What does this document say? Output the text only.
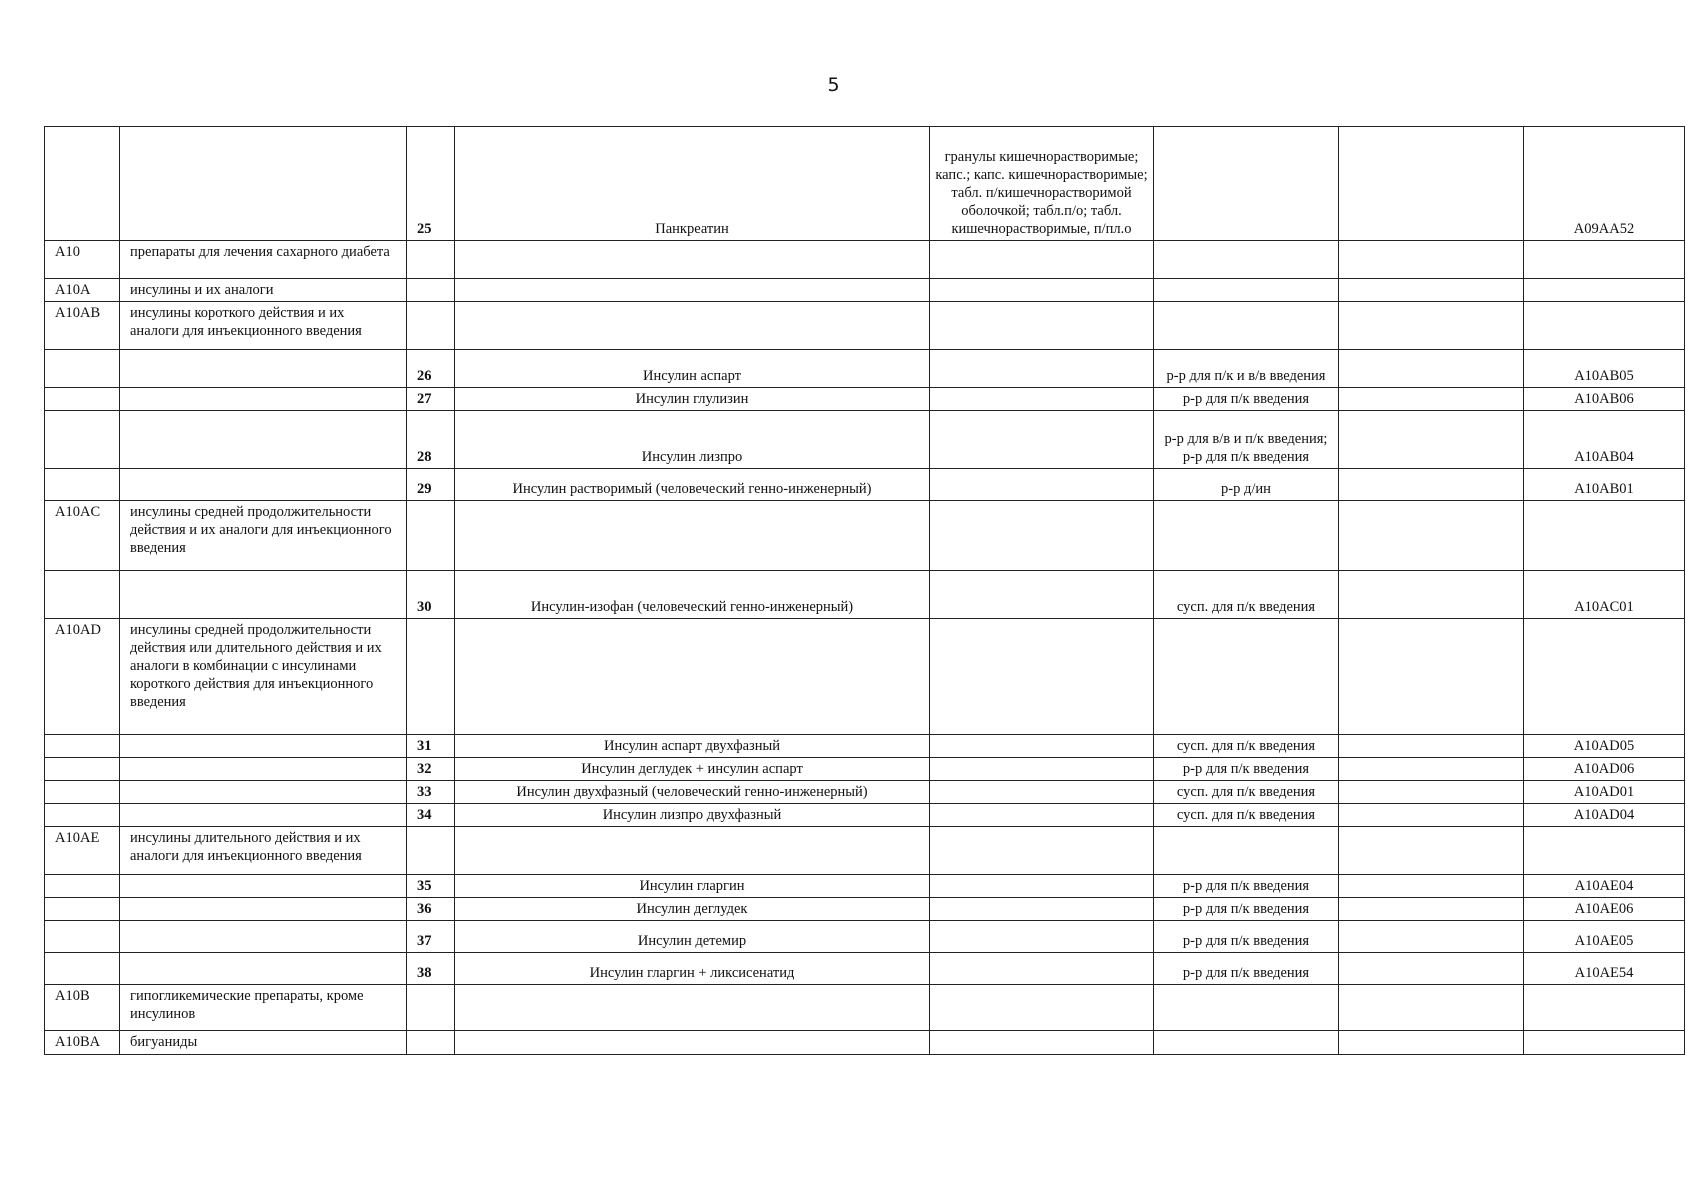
5
		25	Панкреатин	гранулы кишечнорастворимые; капс.; капс. кишечнорастворимые; табл. п/кишечнорастворимой оболочкой; табл.п/о; табл. кишечнорастворимые, п/пл.о			A09AA52
A10	препараты для лечения сахарного диабета						
A10A	инсулины и их аналоги						
A10AB	инсулины короткого действия и их аналоги для инъекционного введения						
		26	Инсулин аспарт		р-р для п/к и в/в введения		A10AB05
		27	Инсулин глулизин		р-р для п/к введения		A10AB06
		28	Инсулин лизпро		р-р для в/в и п/к введения; р-р для п/к введения		A10AB04
		29	Инсулин растворимый (человеческий генно-инженерный)		р-р д/ин		A10AB01
A10AC	инсулины средней продолжительности действия и их аналоги для инъекционного введения						
		30	Инсулин-изофан (человеческий генно-инженерный)		сусп. для п/к введения		A10AC01
A10AD	инсулины средней продолжительности действия или длительного действия и их аналоги в комбинации с инсулинами короткого действия для инъекционного введения						
		31	Инсулин аспарт двухфазный		сусп. для п/к введения		A10AD05
		32	Инсулин деглудек + инсулин аспарт		р-р для п/к введения		A10AD06
		33	Инсулин двухфазный (человеческий генно-инженерный)		сусп. для п/к введения		A10AD01
		34	Инсулин лизпро двухфазный		сусп. для п/к введения		A10AD04
A10AE	инсулины длительного действия и их аналоги для инъекционного введения						
		35	Инсулин гларгин		р-р для п/к введения		A10AE04
		36	Инсулин деглудек		р-р для п/к введения		A10AE06
		37	Инсулин детемир		р-р для п/к введения		A10AE05
		38	Инсулин гларгин + ликсисенатид		р-р для п/к введения		A10AE54
A10B	гипогликемические препараты, кроме инсулинов						
A10BA	бигуаниды						
